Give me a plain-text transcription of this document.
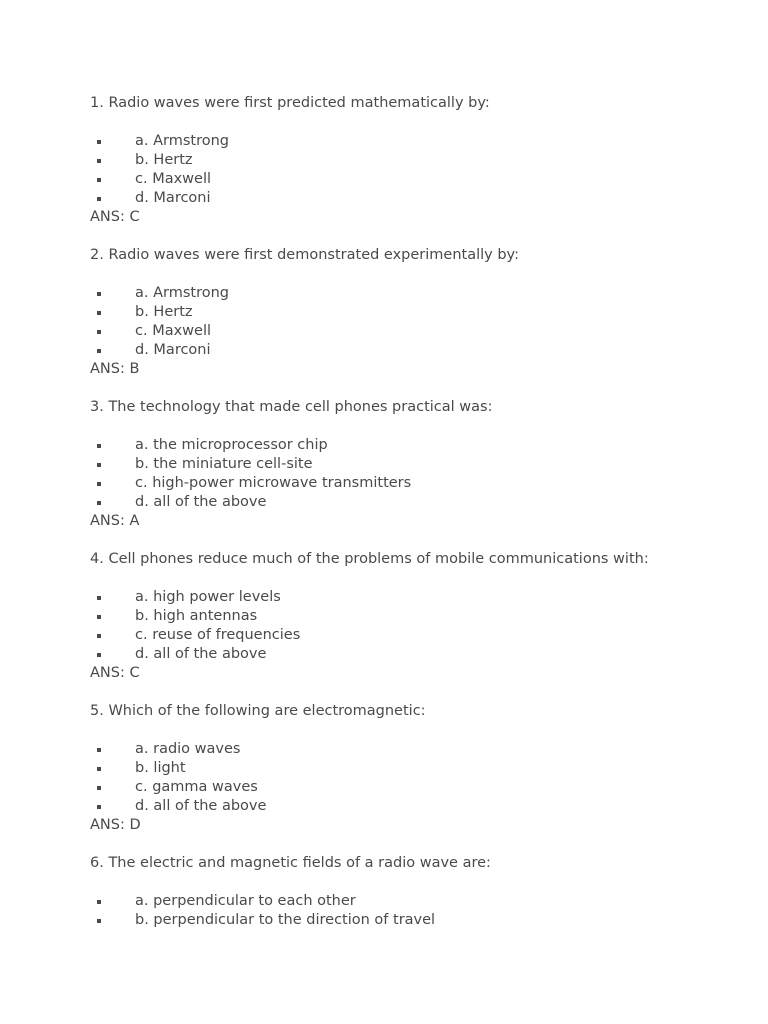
1. Radio waves were first predicted mathematically by:
a. Armstrong
b. Hertz
c. Maxwell
d. Marconi
ANS: C
2. Radio waves were first demonstrated experimentally by:
a. Armstrong
b. Hertz
c. Maxwell
d. Marconi
ANS: B
3. The technology that made cell phones practical was:
a. the microprocessor chip
b. the miniature cell-site
c. high-power microwave transmitters
d. all of the above
ANS: A
4. Cell phones reduce much of the problems of mobile communications with:
a. high power levels
b. high antennas
c. reuse of frequencies
d. all of the above
ANS: C
5. Which of the following are electromagnetic:
a. radio waves
b. light
c. gamma waves
d. all of the above
ANS: D
6. The electric and magnetic fields of a radio wave are:
a. perpendicular to each other
b. perpendicular to the direction of travel
